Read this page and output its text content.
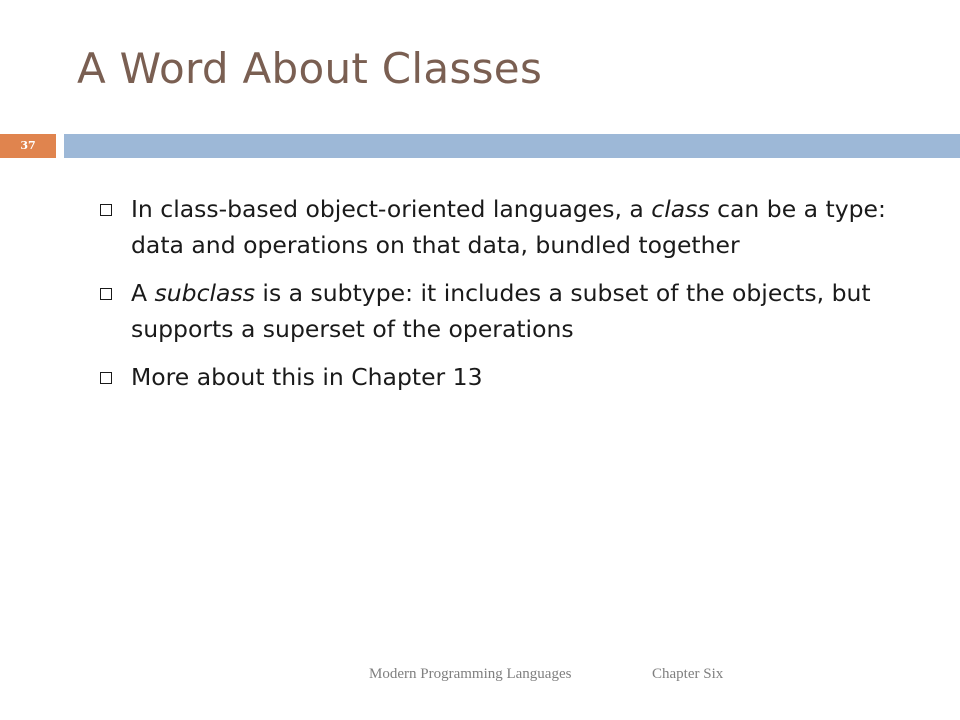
A Word About Classes
37
In class-based object-oriented languages, a class can be a type: data and operations on that data, bundled together
A subclass is a subtype: it includes a subset of the objects, but supports a superset of the operations
More about this in Chapter 13
Modern Programming Languages	Chapter Six
